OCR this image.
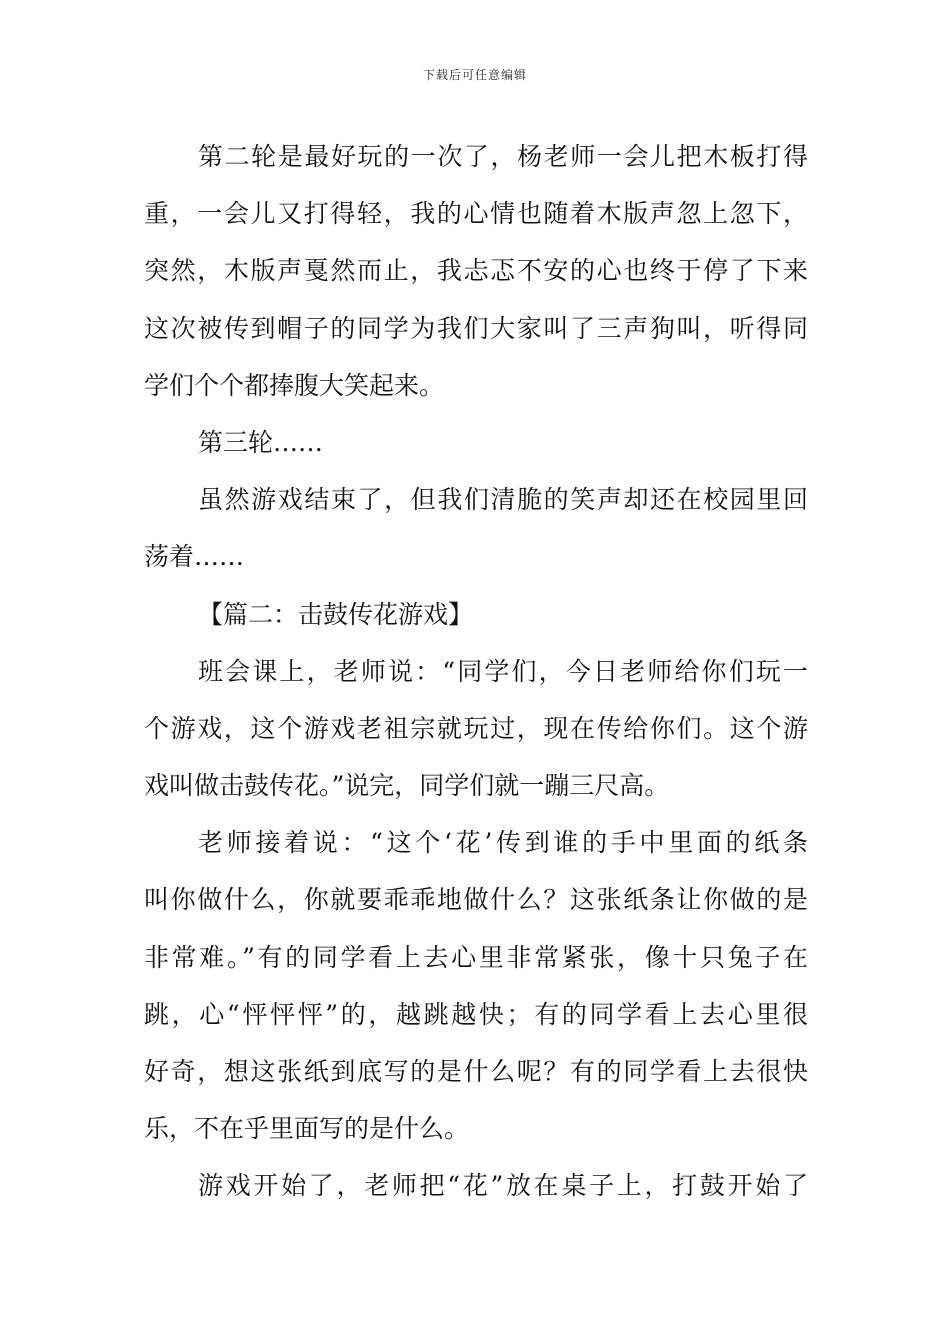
下载后可任意编辑
第二轮是最好玩的一次了，杨老师一会儿把木板打得
重，一会儿又打得轻，我的心情也随着木版声忽上忽下，
突然，木版声戛然而止，我忐忑不安的心也终于停了下来
这次被传到帽子的同学为我们大家叫了三声狗叫，听得同
学们个个都捧腹大笑起来。
第三轮……
虽然游戏结束了，但我们清脆的笑声却还在校园里回
荡着……
【篇二：击鼓传花游戏】
班会课上，老师说：“同学们，今日老师给你们玩一
个游戏，这个游戏老祖宗就玩过，现在传给你们。这个游
戏叫做击鼓传花。”说完，同学们就一蹦三尺高。
老师接着说：“这个‘花’传到谁的手中里面的纸条
叫你做什么，你就要乖乖地做什么？这张纸条让你做的是
非常难。”有的同学看上去心里非常紧张，像十只兔子在
跳，心“怦怦怦”的，越跳越快；有的同学看上去心里很
好奇，想这张纸到底写的是什么呢？有的同学看上去很快
乐，不在乎里面写的是什么。
游戏开始了，老师把“花”放在桌子上，打鼓开始了
